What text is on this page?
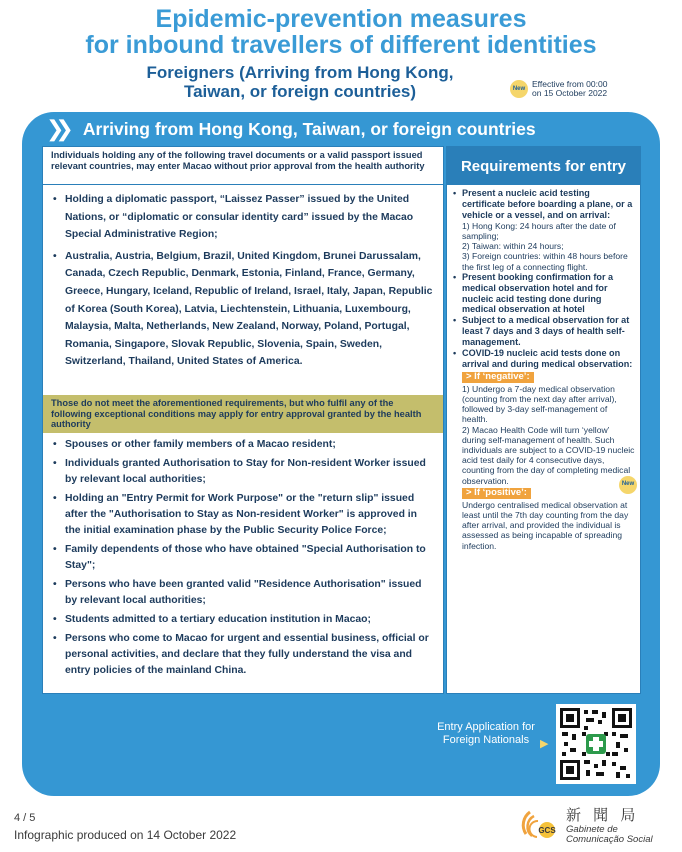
Epidemic-prevention measures
for inbound travellers of different identities
Foreigners (Arriving from Hong Kong,
Taiwan, or foreign countries)	New Effective from 00:00
on 15 October 2022
❯❯ Arriving from Hong Kong, Taiwan, or foreign countries
Individuals holding any of the following travel documents or a valid passport issued relevant countries, may enter Macao without prior approval from the health authority
• Holding a diplomatic passport, “Laissez Passer” issued by the United Nations, or “diplomatic or consular identity card” issued by the Macao Special Administrative Region;
• Australia, Austria, Belgium, Brazil, United Kingdom, Brunei Darussalam, Canada, Czech Republic, Denmark, Estonia, Finland, France, Germany, Greece, Hungary, Iceland, Republic of Ireland, Israel, Italy, Japan, Republic of Korea (South Korea), Latvia, Liechtenstein, Lithuania, Luxembourg, Malaysia, Malta, Netherlands, New Zealand, Norway, Poland, Portugal, Romania, Singapore, Slovak Republic, Slovenia, Spain, Sweden, Switzerland, Thailand, United States of America.
Those do not meet the aforementioned requirements, but who fulfil any of the following exceptional conditions may apply for entry approval granted by the health authority
• Spouses or other family members of a Macao resident;
• Individuals granted Authorisation to Stay for Non-resident Worker issued by relevant local authorities;
• Holding an "Entry Permit for Work Purpose" or the "return slip" issued after the "Authorisation to Stay as Non-resident Worker" is approved in the initial examination phase by the Public Security Police Force;
• Family dependents of those who have obtained "Special Authorisation to Stay";
• Persons who have been granted valid "Residence Authorisation" issued by relevant local authorities;
• Students admitted to a tertiary education institution in Macao;
• Persons who come to Macao for urgent and essential business, official or personal activities, and declare that they fully understand the visa and entry policies of the mainland China.
Requirements for entry
• Present a nucleic acid testing certificate before boarding a plane, or a vehicle or a vessel, and on arrival:
1) Hong Kong: 24 hours after the date of sampling;
2) Taiwan: within 24 hours;
3) Foreign countries: within 48 hours before the first leg of a connecting flight.
• Present booking confirmation for a medical observation hotel and for nucleic acid testing done during medical observation at hotel
• Subject to a medical observation for at least 7 days and 3 days of health self-management.
• COVID-19 nucleic acid tests done on arrival and during medical observation:
> If ‘negative’:
1) Undergo a 7-day medical observation (counting from the next day after arrival), followed by 3-day self-management of health.
2) Macao Health Code will turn ‘yellow’ during self-management of health. Such individuals are subject to a COVID-19 nucleic acid test daily for 4 consecutive days, counting from the day of completing medical observation.
> If ‘positive’:
New
Undergo centralised medical observation at least until the 7th day counting from the day after arrival, and provided the individual is assessed as being incapable of spreading infection.
Entry Application for Foreign Nationals ▶
4 / 5
Infographic produced on 14 October 2022	GCS
新 聞 局
Gabinete de
Comunicação Social
